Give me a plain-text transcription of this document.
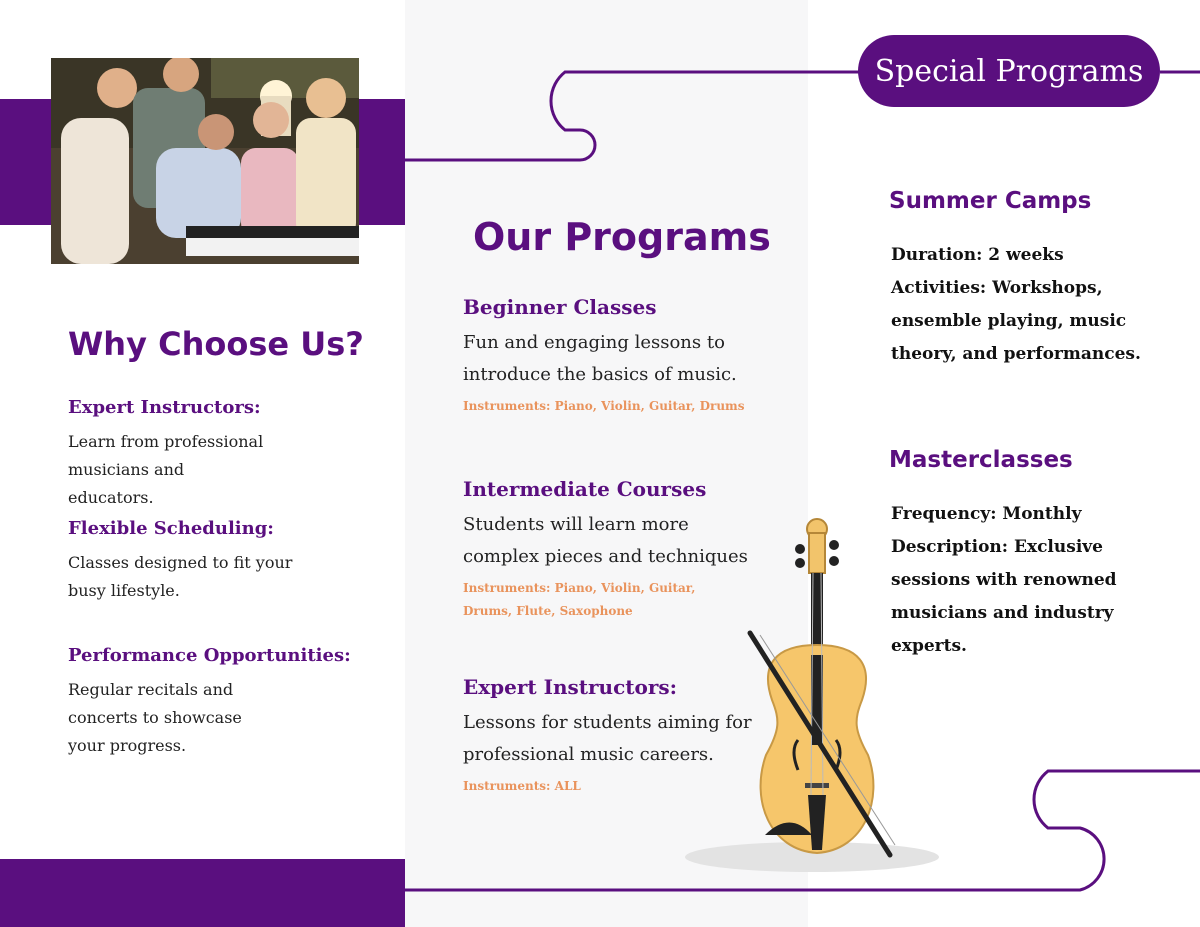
Why Choose Us?

Expert Instructors:

Learn from professional musicians and educators.

Flexible Scheduling:

Classes designed to fit your busy lifestyle.

Performance Opportunities:

Regular recitals and concerts to showcase your progress.

Our Programs

Beginner Classes

Fun and engaging lessons to introduce the basics of music.

Instruments: Piano, Violin, Guitar, Drums

Intermediate Courses

Students will learn more complex pieces and techniques

Instruments: Piano, Violin, Guitar, Drums, Flute, Saxophone

Expert Instructors:

Lessons for students aiming for professional music careers.

Instruments: ALL

Special Programs
Summer Camps

Duration: 2 weeks Activities: Workshops, ensemble playing, music theory, and performances.

Masterclasses

Frequency: Monthly Description: Exclusive sessions with renowned musicians and industry experts.
